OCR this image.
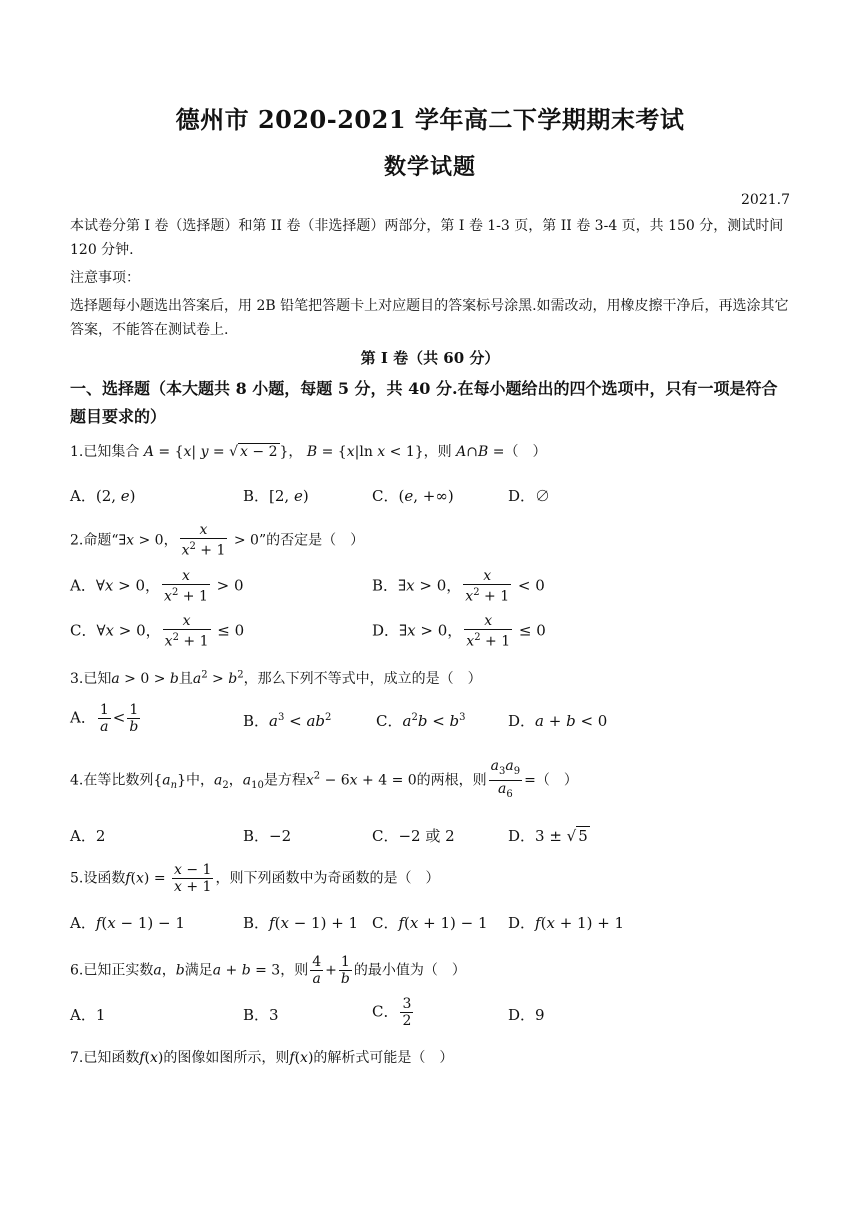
德州市 2020-2021 学年高二下学期期末考试
数学试题
2021.7
本试卷分第 I 卷（选择题）和第 II 卷（非选择题）两部分，第 I 卷 1-3 页，第 II 卷 3-4 页，共 150 分，测试时间 120 分钟.
注意事项：
选择题每小题选出答案后，用 2B 铅笔把答题卡上对应题目的答案标号涂黑.如需改动，用橡皮擦干净后，再选涂其它答案，不能答在测试卷上.
第 I 卷（共 60 分）
一、选择题（本大题共 8 小题，每题 5 分，共 40 分.在每小题给出的四个选项中，只有一项是符合题目要求的）
1.已知集合 A = {x| y = √ x − 2 }， B = {x|ln x < 1}，则 A∩B =（　）
A．(2, e)	B．[2, e)	C．(e, +∞)	D．∅
2.命题“∃x > 0， $\frac{x}{x^2 + 1} > 0$”的否定是（　）
A．∀x > 0， $\frac{x}{x^2 + 1} > 0$	B．∃x > 0， $\frac{x}{x^2 + 1} < 0$
C．∀x > 0， $\frac{x}{x^2 + 1} \le 0$	D．∃x > 0， $\frac{x}{x^2 + 1} \le 0$
3.已知a > 0 > b且$a^2 > b^2$，那么下列不等式中，成立的是（　）
A． $\frac{1}{a} < \frac{1}{b}$	B．$a^3 < ab^2$	C．$a^2b < b^3$	D．a + b < 0
4.在等比数列$\{a_n\}$中，$a_2$，$a_{10}$是方程$x^2 - 6x + 4 = 0$的两根，则 $\frac{a_3a_9}{a_6}$ =（　）
A．2	B．−2	C．−2 或 2	D．3 ± √ 5
5.设函数$f(x) = \frac{x - 1}{x + 1}$ ，则下列函数中为奇函数的是（　）
A．f(x − 1) − 1	B．f(x − 1) + 1 C．f(x + 1) − 1 D．f(x + 1) + 1
6.已知正实数a，b满足a + b = 3，则 $\frac{4}{a} + \frac{1}{b}$ 的最小值为（　）
A．1	B．3	C． $\frac{3}{2}$	D．9
7.已知函数f(x)的图像如图所示，则f(x)的解析式可能是（　）
